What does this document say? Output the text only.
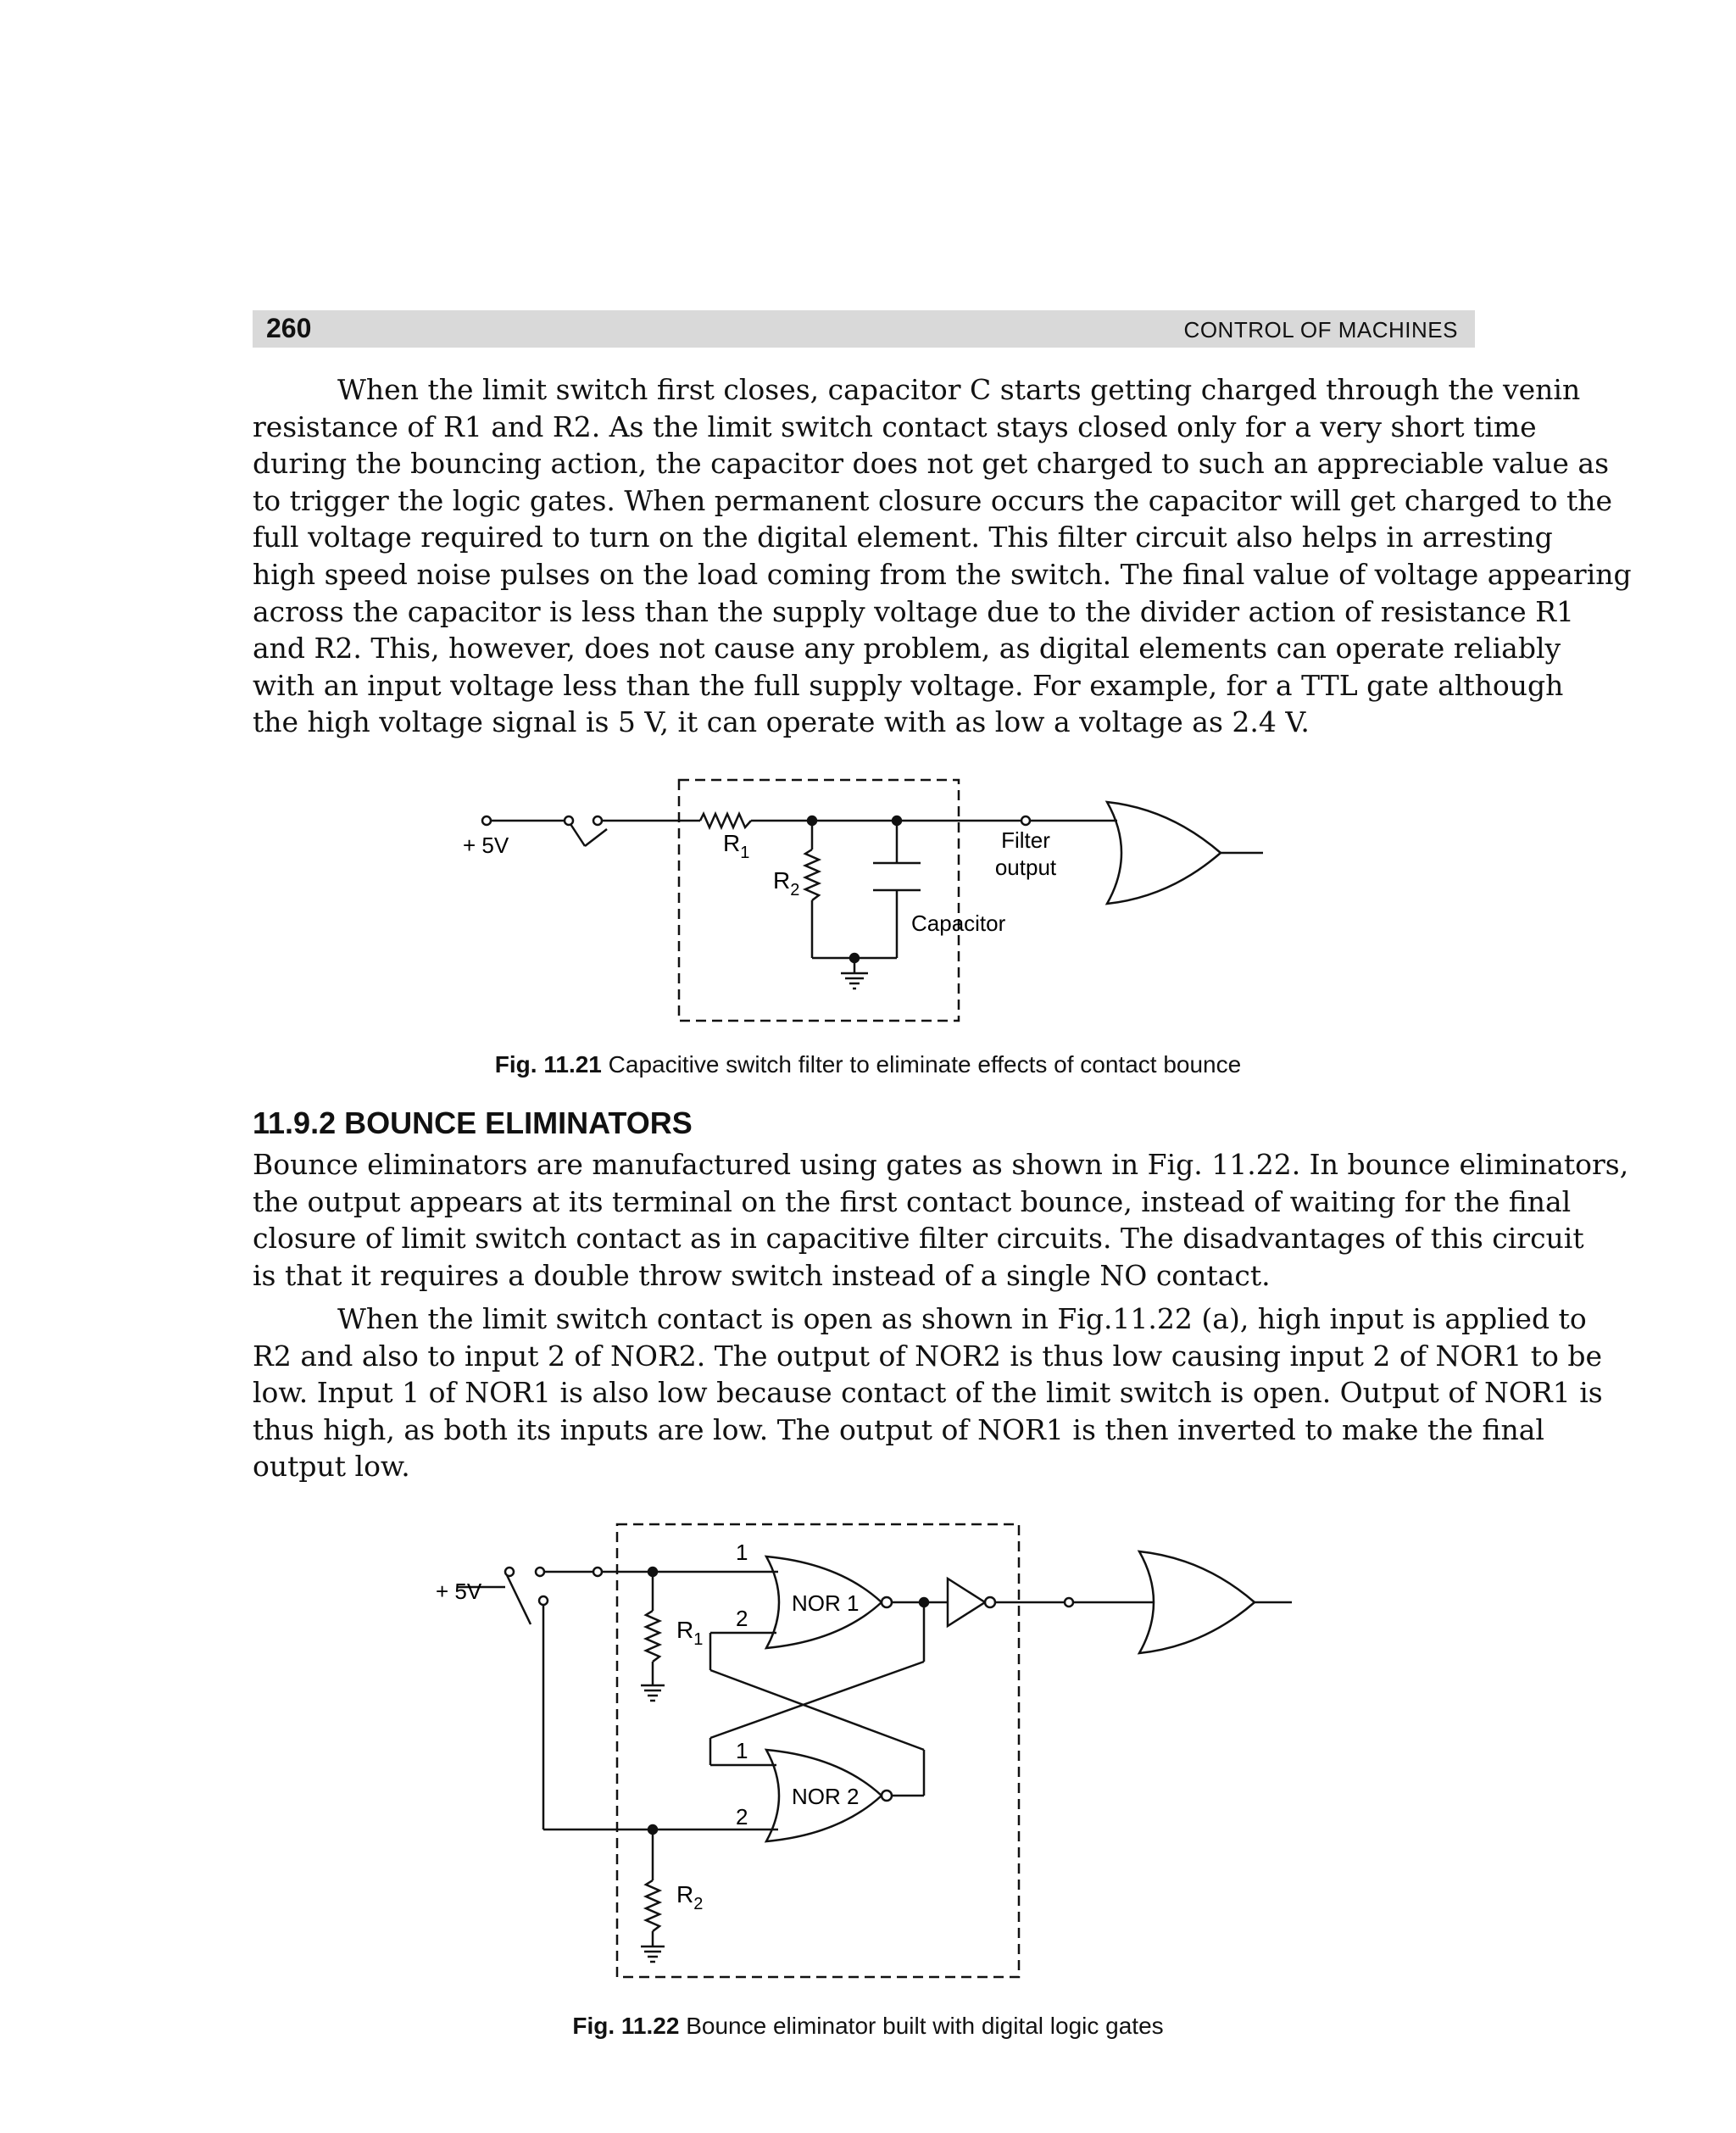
260	CONTROL OF MACHINES
When the limit switch first closes, capacitor C starts getting charged through the venin
resistance of R1 and R2. As the limit switch contact stays closed only for a very short time
during the bouncing action, the capacitor does not get charged to such an appreciable value as
to trigger the logic gates. When permanent closure occurs the capacitor will get charged to the
full voltage required to turn on the digital element. This filter circuit also helps in arresting
high speed noise pulses on the load coming from the switch. The final value of voltage appearing
across the capacitor is less than the supply voltage due to the divider action of resistance R1
and R2. This, however, does not cause any problem, as digital elements can operate reliably
with an input voltage less than the full supply voltage. For example, for a TTL gate although
the high voltage signal is 5 V, it can operate with as low a voltage as 2.4 V.
+ 5V	$R_1$
$R_2$
Filter
output
Capacitor
Fig. 11.21 Capacitive switch filter to eliminate effects of contact bounce
11.9.2 BOUNCE ELIMINATORS
Bounce eliminators are manufactured using gates as shown in Fig. 11.22. In bounce eliminators,
the output appears at its terminal on the first contact bounce, instead of waiting for the final
closure of limit switch contact as in capacitive filter circuits. The disadvantages of this circuit
is that it requires a double throw switch instead of a single NO contact.
When the limit switch contact is open as shown in Fig.11.22 (a), high input is applied to
R2 and also to input 2 of NOR2. The output of NOR2 is thus low causing input 2 of NOR1 to be
low. Input 1 of NOR1 is also low because contact of the limit switch is open. Output of NOR1 is
thus high, as both its inputs are low. The output of NOR1 is then inverted to make the final
output low.
+ 5V
$R_1$
$R_2$
NOR 1
NOR 2
1
2
1
2
Fig. 11.22 Bounce eliminator built with digital logic gates
